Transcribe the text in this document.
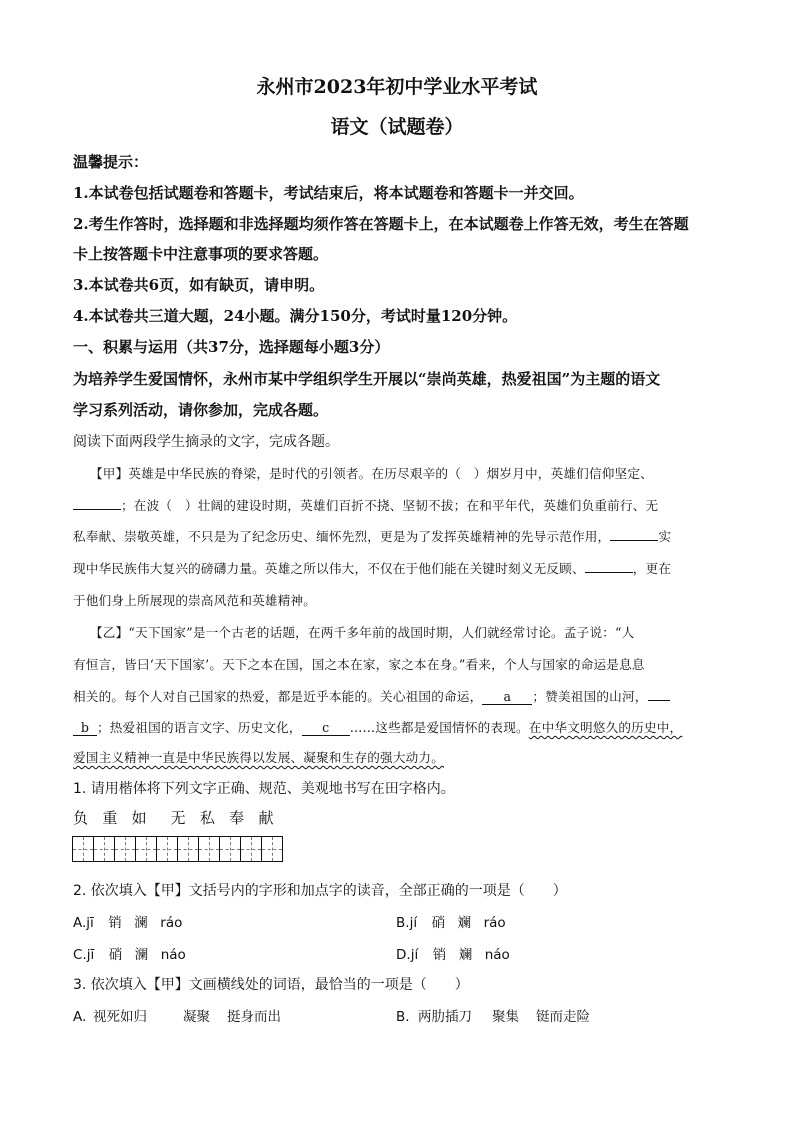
永州市2023年初中学业水平考试
语文（试题卷）
温馨提示：
1.本试卷包括试题卷和答题卡，考试结束后，将本试题卷和答题卡一并交回。
2.考生作答时，选择题和非选择题均须作答在答题卡上，在本试题卷上作答无效，考生在答题
卡上按答题卡中注意事项的要求答题。
3.本试卷共6页，如有缺页，请申明。
4.本试卷共三道大题，24小题。满分150分，考试时量120分钟。
一、积累与运用（共37分，选择题每小题3分）
为培养学生爱国情怀，永州市某中学组织学生开展以“崇尚英雄，热爱祖国”为主题的语文
学习系列活动，请你参加，完成各题。
阅读下面两段学生摘录的文字，完成各题。
【甲】英雄是中华民族的脊梁，是时代的引领者。在历尽艰辛的（　）烟岁月中，英雄们信仰坚定、
；在波（　）壮阔的建设时期，英雄们百折不挠、坚韧不拔；在和平年代，英雄们负重前行、无
私奉献、崇敬英雄，不只是为了纪念历史、缅怀先烈，更是为了发挥英雄精神的先导示范作用，	实
现中华民族伟大复兴的磅礴力量。英雄之所以伟大，不仅在于他们能在关键时刻义无反顾、	，更在
于他们身上所展现的崇高风范和英雄精神。
【乙】“天下国家”是一个古老的话题，在两千多年前的战国时期，人们就经常讨论。孟子说：“人
有恒言，皆曰‘天下国家’。天下之本在国，国之本在家，家之本在身。”看来，个人与国家的命运是息息
相关的。每个人对自己国家的热爱，都是近乎本能的。关心祖国的命运， a ；赞美祖国的山河，
b ；热爱祖国的语言文字、历史文化， c ……这些都是爱国情怀的表现。在中华文明悠久的历史中，
爱国主义精神一直是中华民族得以发展、凝聚和生存的强大动力。
1. 请用楷体将下列文字正确、规范、美观地书写在田字格内。
负 重 如 无 私 奉 献
2. 依次填入【甲】文括号内的字形和加点字的读音，全部正确的一项是（　　）
A.jī 销 澜 ráo	B.jí 硝 斓 ráo
C.jī 硝 澜 náo	D.jí 销 斓 náo
3. 依次填入【甲】文画横线处的词语，最恰当的一项是（　　）
A. 视死如归	凝聚 挺身而出	B. 两肋插刀 聚集 铤而走险
